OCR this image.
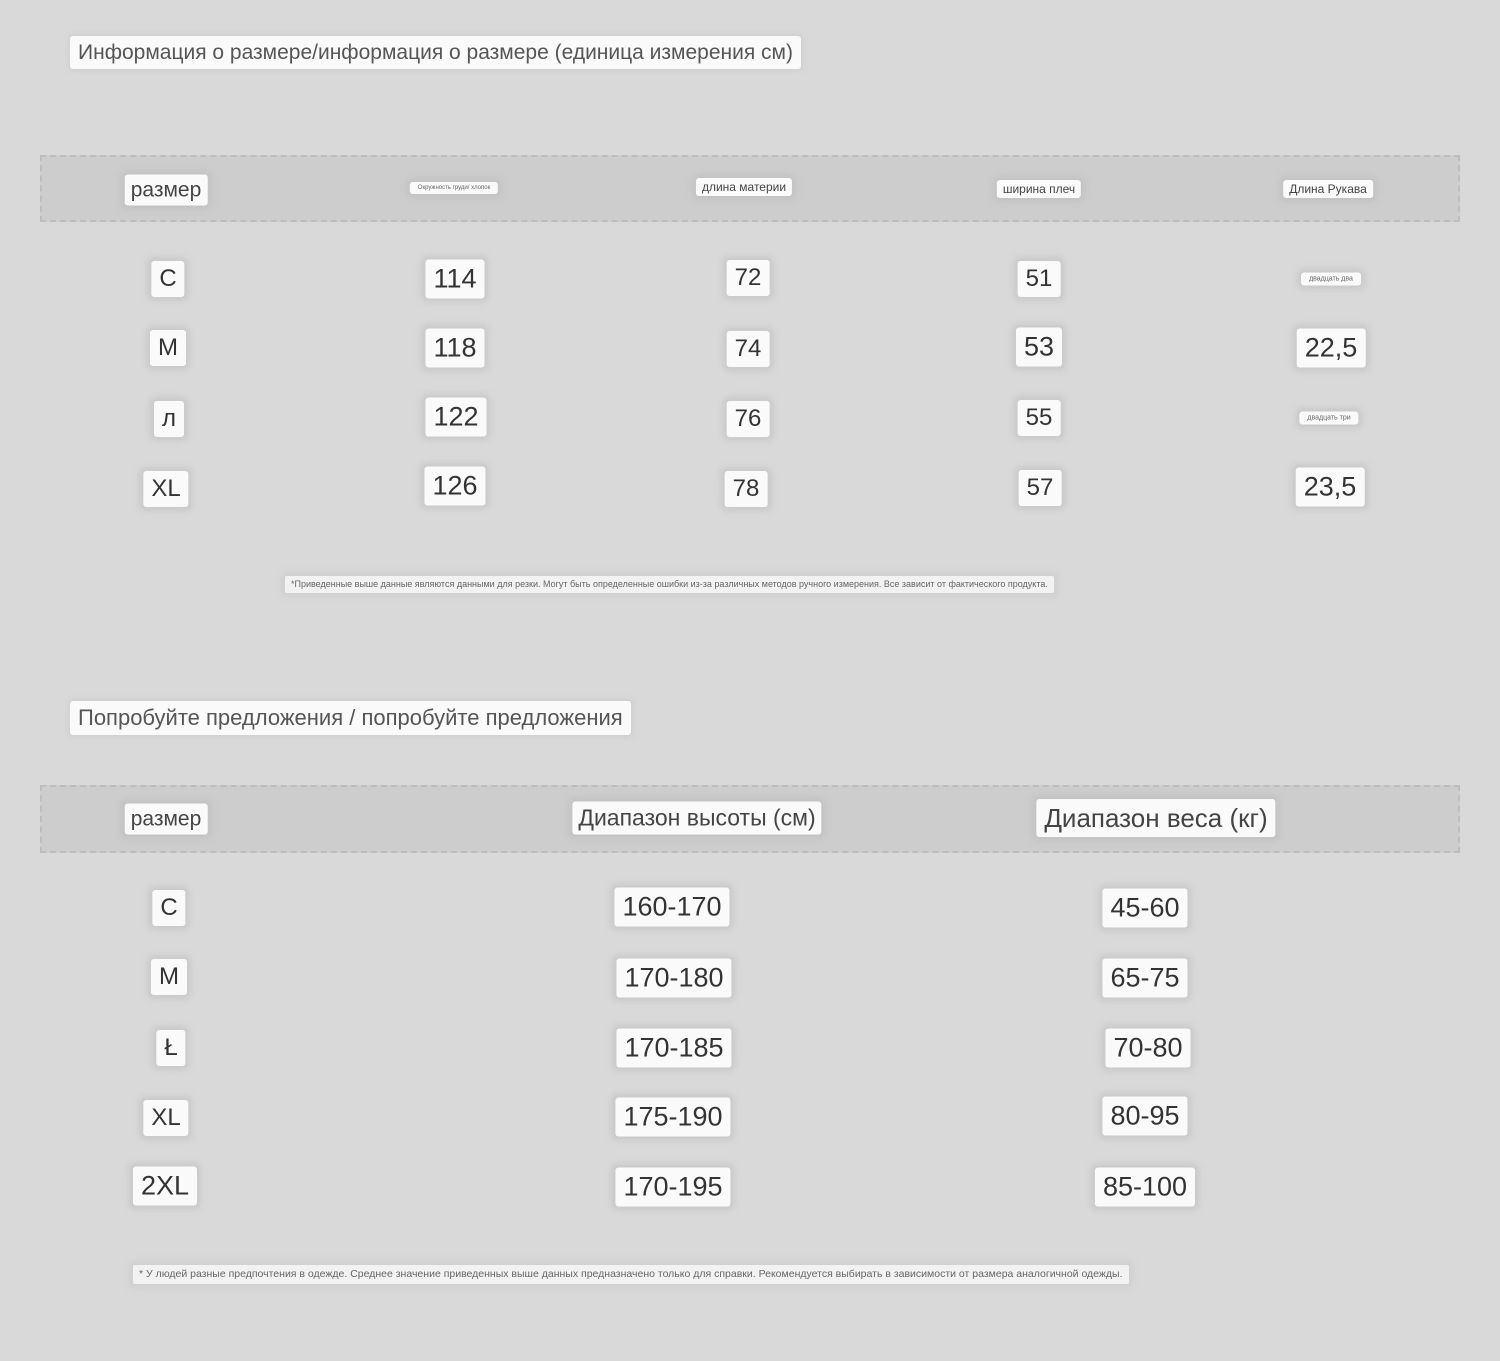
Информация о размере/информация о размере (единица измерения см)
размер	Окружность груди/ хлопок	длина материи	ширина плеч	Длина Рукава
С	114	72	51	двадцать два
М	118	74	53	22,5
л	122	76	55	двадцать три
XL	126	78	57	23,5
*Приведенные выше данные являются данными для резки. Могут быть определенные ошибки из-за различных методов ручного измерения. Все зависит от фактического продукта.
Попробуйте предложения / попробуйте предложения
размер	Диапазон высоты (см)	Диапазон веса (кг)
С	160-170	45-60
М	170-180	65-75
Ł	170-185	70-80
XL	175-190	80-95
2XL	170-195	85-100
* У людей разные предпочтения в одежде. Среднее значение приведенных выше данных предназначено только для справки. Рекомендуется выбирать в зависимости от размера аналогичной одежды.
